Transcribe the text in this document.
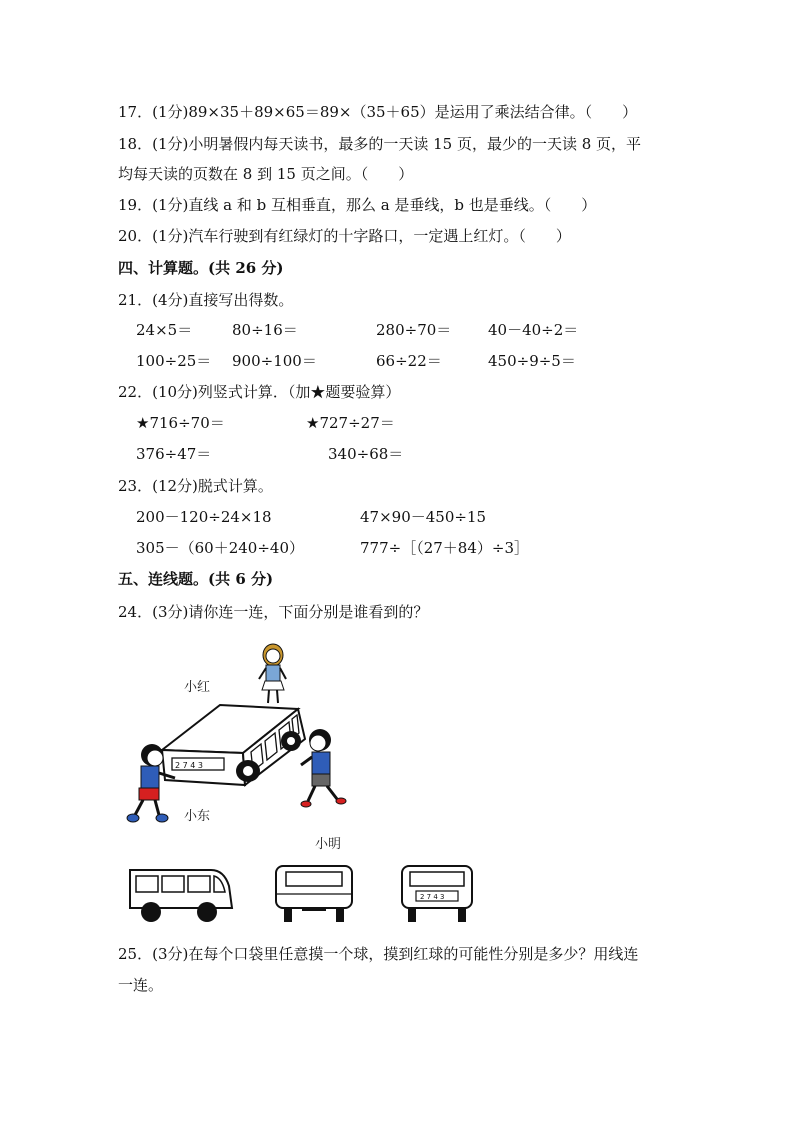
17．(1分)89×35＋89×65＝89×（35＋65）是运用了乘法结合律。（　　）
18．(1分)小明暑假内每天读书，最多的一天读 15 页，最少的一天读 8 页，平
均每天读的页数在 8 到 15 页之间。（　　）
19．(1分)直线 a 和 b 互相垂直，那么 a 是垂线，b 也是垂线。（　　）
20．(1分)汽车行驶到有红绿灯的十字路口，一定遇上红灯。（　　）
四、计算题。(共 26 分)
21．(4分)直接写出得数。
24×5＝	80÷16＝	280÷70＝ 40－40÷2＝
100÷25＝ 900÷100＝	66÷22＝	450÷9÷5＝
22．(10分)列竖式计算．（加★题要验算）
★716÷70＝	★727÷27＝
376÷47＝	340÷68＝
23．(12分)脱式计算。
200－120÷24×18	47×90－450÷15
305－（60＋240÷40）	777÷［（27＋84）÷3］
五、连线题。(共 6 分)
24．(3分)请你连一连，下面分别是谁看到的？
2 7 4 3
小红
小东
小明
2 7 4 3
25．(3分)在每个口袋里任意摸一个球，摸到红球的可能性分别是多少？用线连
一连。
